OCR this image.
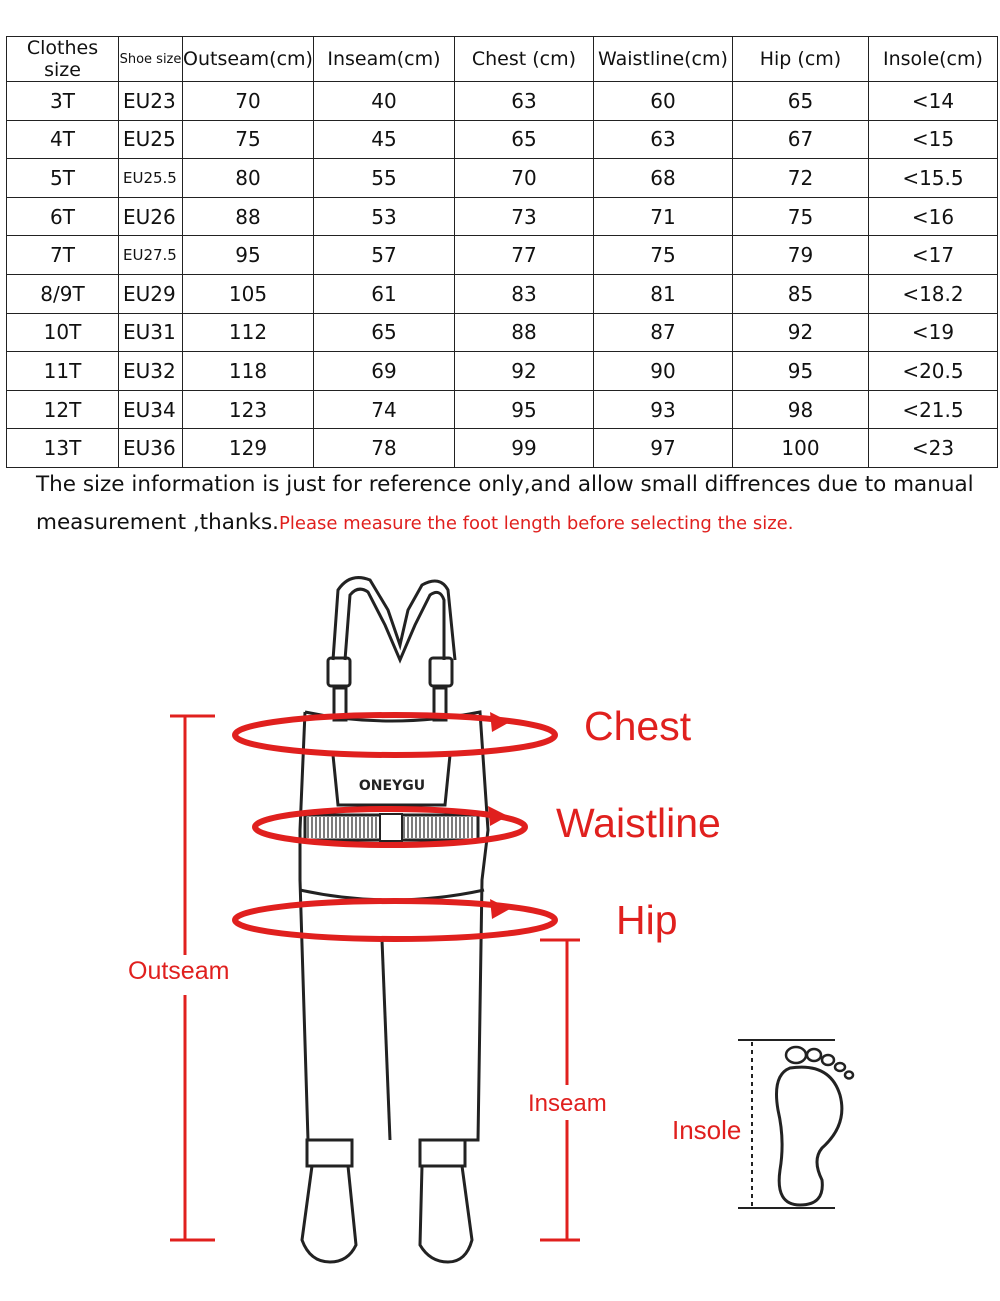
Clothes size	Shoe size	Outseam(cm)	Inseam(cm)	Chest (cm)	Waistline(cm)	Hip (cm)	Insole(cm)
3T	EU23	70	40	63	60	65	<14
4T	EU25	75	45	65	63	67	<15
5T	EU25.5	80	55	70	68	72	<15.5
6T	EU26	88	53	73	71	75	<16
7T	EU27.5	95	57	77	75	79	<17
8/9T	EU29	105	61	83	81	85	<18.2
10T	EU31	112	65	88	87	92	<19
11T	EU32	118	69	92	90	95	<20.5
12T	EU34	123	74	95	93	98	<21.5
13T	EU36	129	78	99	97	100	<23
The size information is just for reference only,and allow small diffrences due to manual
measurement ,thanks.Please measure the foot length before selecting the size.
ONEYGU
Chest
Waistline
Hip
Outseam
Inseam
Insole
